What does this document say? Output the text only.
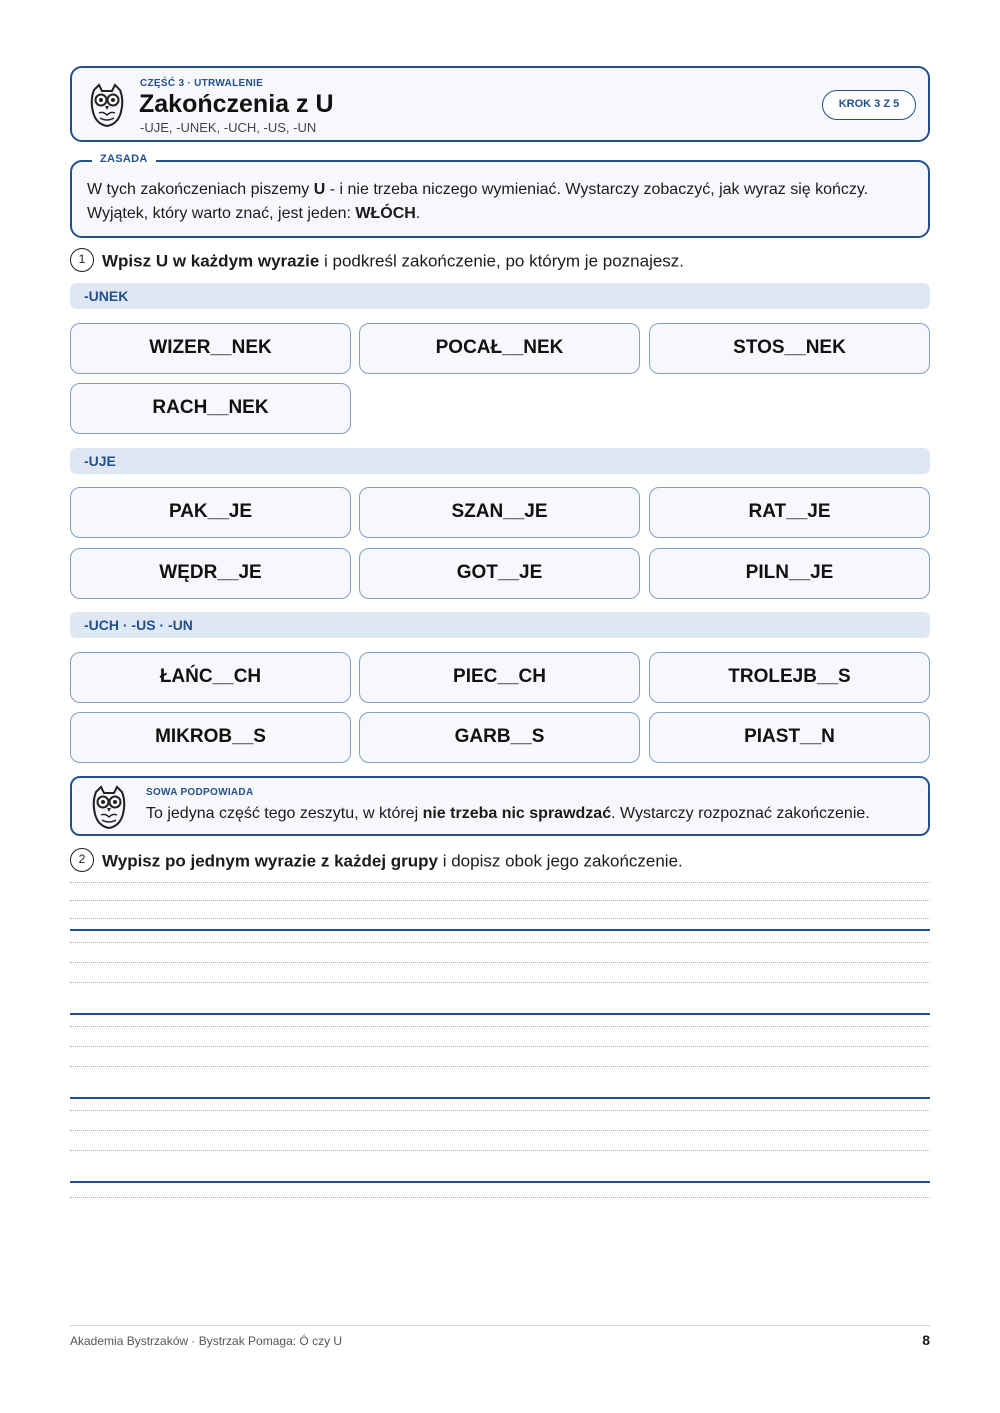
CZĘŚĆ 3 · UTRWALENIE
Zakończenia z U
-UJE, -UNEK, -UCH, -US, -UN
KROK 3 Z 5
ZASADA
W tych zakończeniach piszemy U - i nie trzeba niczego wymieniać. Wystarczy zobaczyć, jak wyraz się kończy. Wyjątek, który warto znać, jest jeden: WŁÓCH.
1 Wpisz U w każdym wyrazie i podkreśl zakończenie, po którym je poznajesz.
-UNEK
WIZER__NEK	POCAŁ__NEK	STOS__NEK
RACH__NEK
-UJE
PAK__JE	SZAN__JE	RAT__JE
WĘDR__JE	GOT__JE	PILN__JE
-UCH · -US · -UN
ŁAŃC__CH	PIEC__CH	TROLEJB__S
MIKROB__S	GARB__S	PIAST__N
SOWA PODPOWIADA
To jedyna część tego zeszytu, w której nie trzeba nic sprawdzać. Wystarczy rozpoznać zakończenie.
2 Wypisz po jednym wyrazie z każdej grupy i dopisz obok jego zakończenie.
Akademia Bystrzaków · Bystrzak Pomaga: Ó czy U	8
